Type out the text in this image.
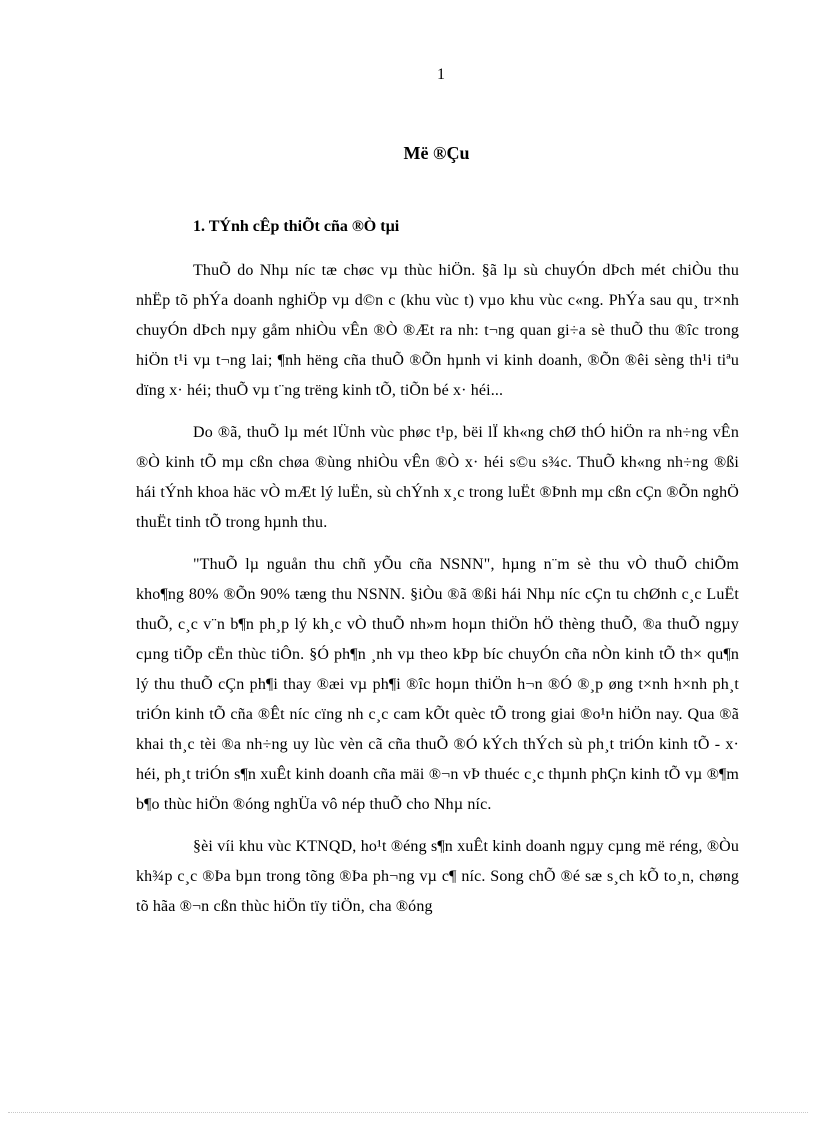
1
Më ®Çu
1. TÝnh cÊp thiÕt cña ®Ò tµi

ThuÕ do Nhµ níc tæ chøc vµ thùc hiÖn. §ã lµ sù chuyÓn dÞch mét chiÒu thu nhËp tõ phÝa doanh nghiÖp vµ d©n c (khu vùc t) vµo khu vùc c«ng. PhÝa sau qu¸ tr×nh chuyÓn dÞch nµy gåm nhiÒu vÊn ®Ò ®Æt ra nh: t¬ng quan gi÷a sè thuÕ thu ®îc trong hiÖn t¹i vµ t¬ng lai; ¶nh hëng cña thuÕ ®Õn hµnh vi kinh doanh, ®Õn ®êi sèng th¹i tiªu dïng x· héi; thuÕ vµ t¨ng trëng kinh tÕ, tiÕn bé x· héi...

Do ®ã, thuÕ lµ mét lÜnh vùc phøc t¹p, bëi lÏ kh«ng chØ thÓ hiÖn ra nh÷ng vÊn ®Ò kinh tÕ mµ cßn chøa ®ùng nhiÒu vÊn ®Ò x· héi s©u s¾c. ThuÕ kh«ng nh÷ng ®ßi hái tÝnh khoa häc vÒ mÆt lý luËn, sù chÝnh x¸c trong luËt ®Þnh mµ cßn cÇn ®Õn nghÖ thuËt tinh tÕ trong hµnh thu.

"ThuÕ lµ nguån thu chñ yÕu cña NSNN", hµng n¨m sè thu vÒ thuÕ chiÕm kho¶ng 80% ®Õn 90% tæng thu NSNN. §iÒu ®ã ®ßi hái Nhµ níc cÇn tu chØnh c¸c LuËt thuÕ, c¸c v¨n b¶n ph¸p lý kh¸c vÒ thuÕ nh»m hoµn thiÖn hÖ thèng thuÕ, ®a thuÕ ngµy cµng tiÕp cËn thùc tiÔn. §Ó ph¶n ¸nh vµ theo kÞp bíc chuyÓn cña nÒn kinh tÕ th× qu¶n lý thu thuÕ cÇn ph¶i thay ®æi vµ ph¶i ®îc hoµn thiÖn h¬n ®Ó ®¸p øng t×nh h×nh ph¸t triÓn kinh tÕ cña ®Êt níc cïng nh c¸c cam kÕt quèc tÕ trong giai ®o¹n hiÖn nay. Qua ®ã khai th¸c tèi ®a nh÷ng uy lùc vèn cã cña thuÕ ®Ó kÝch thÝch sù ph¸t triÓn kinh tÕ - x· héi, ph¸t triÓn s¶n xuÊt kinh doanh cña mäi ®¬n vÞ thuéc c¸c thµnh phÇn kinh tÕ vµ ®¶m b¶o thùc hiÖn ®óng nghÜa vô nép thuÕ cho Nhµ níc.

§èi víi khu vùc KTNQD, ho¹t ®éng s¶n xuÊt kinh doanh ngµy cµng më réng, ®Òu kh¾p c¸c ®Þa bµn trong tõng ®Þa ph¬ng vµ c¶ níc. Song chÕ ®é sæ s¸ch kÕ to¸n, chøng tõ hãa ®¬n cßn thùc hiÖn tïy tiÖn, cha ®óng
